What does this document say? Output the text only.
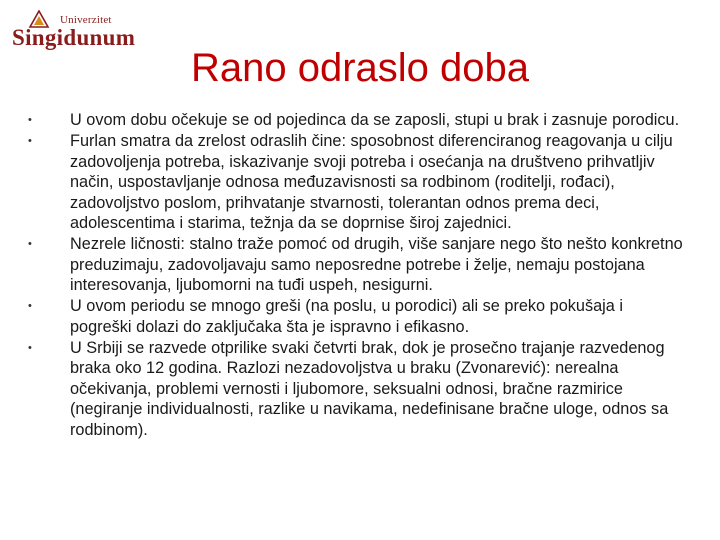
Univerzitet
Singidunum
Rano odraslo doba
•	U ovom dobu očekuje se od pojedinca da se zaposli, stupi u brak i zasnuje porodicu.
•	Furlan smatra da zrelost odraslih čine: sposobnost diferenciranog reagovanja u cilju zadovoljenja potreba, iskazivanje svoji potreba i osećanja na društveno prihvatljiv način, uspostavljanje odnosa međuzavisnosti sa rodbinom (roditelji, rođaci), zadovoljstvo poslom, prihvatanje stvarnosti, tolerantan odnos prema deci, adolescentima i starima, težnja da se doprnise široj zajednici.
•	Nezrele ličnosti: stalno traže pomoć od drugih, više sanjare nego što nešto konkretno preduzimaju, zadovoljavaju samo neposredne potrebe i želje, nemaju postojana interesovanja, ljubomorni na tuđi uspeh, nesigurni.
•	U ovom periodu se mnogo greši (na poslu, u porodici) ali se preko pokušaja i pogreški dolazi do zaključaka šta je ispravno i efikasno.
•	U Srbiji se razvede otprilike svaki četvrti brak, dok je prosečno trajanje razvedenog braka oko 12 godina. Razlozi nezadovoljstva u braku (Zvonarević): nerealna očekivanja, problemi vernosti i ljubomore, seksualni odnosi, bračne razmirice (negiranje individualnosti, razlike u navikama, nedefinisane bračne uloge, odnos sa rodbinom).
